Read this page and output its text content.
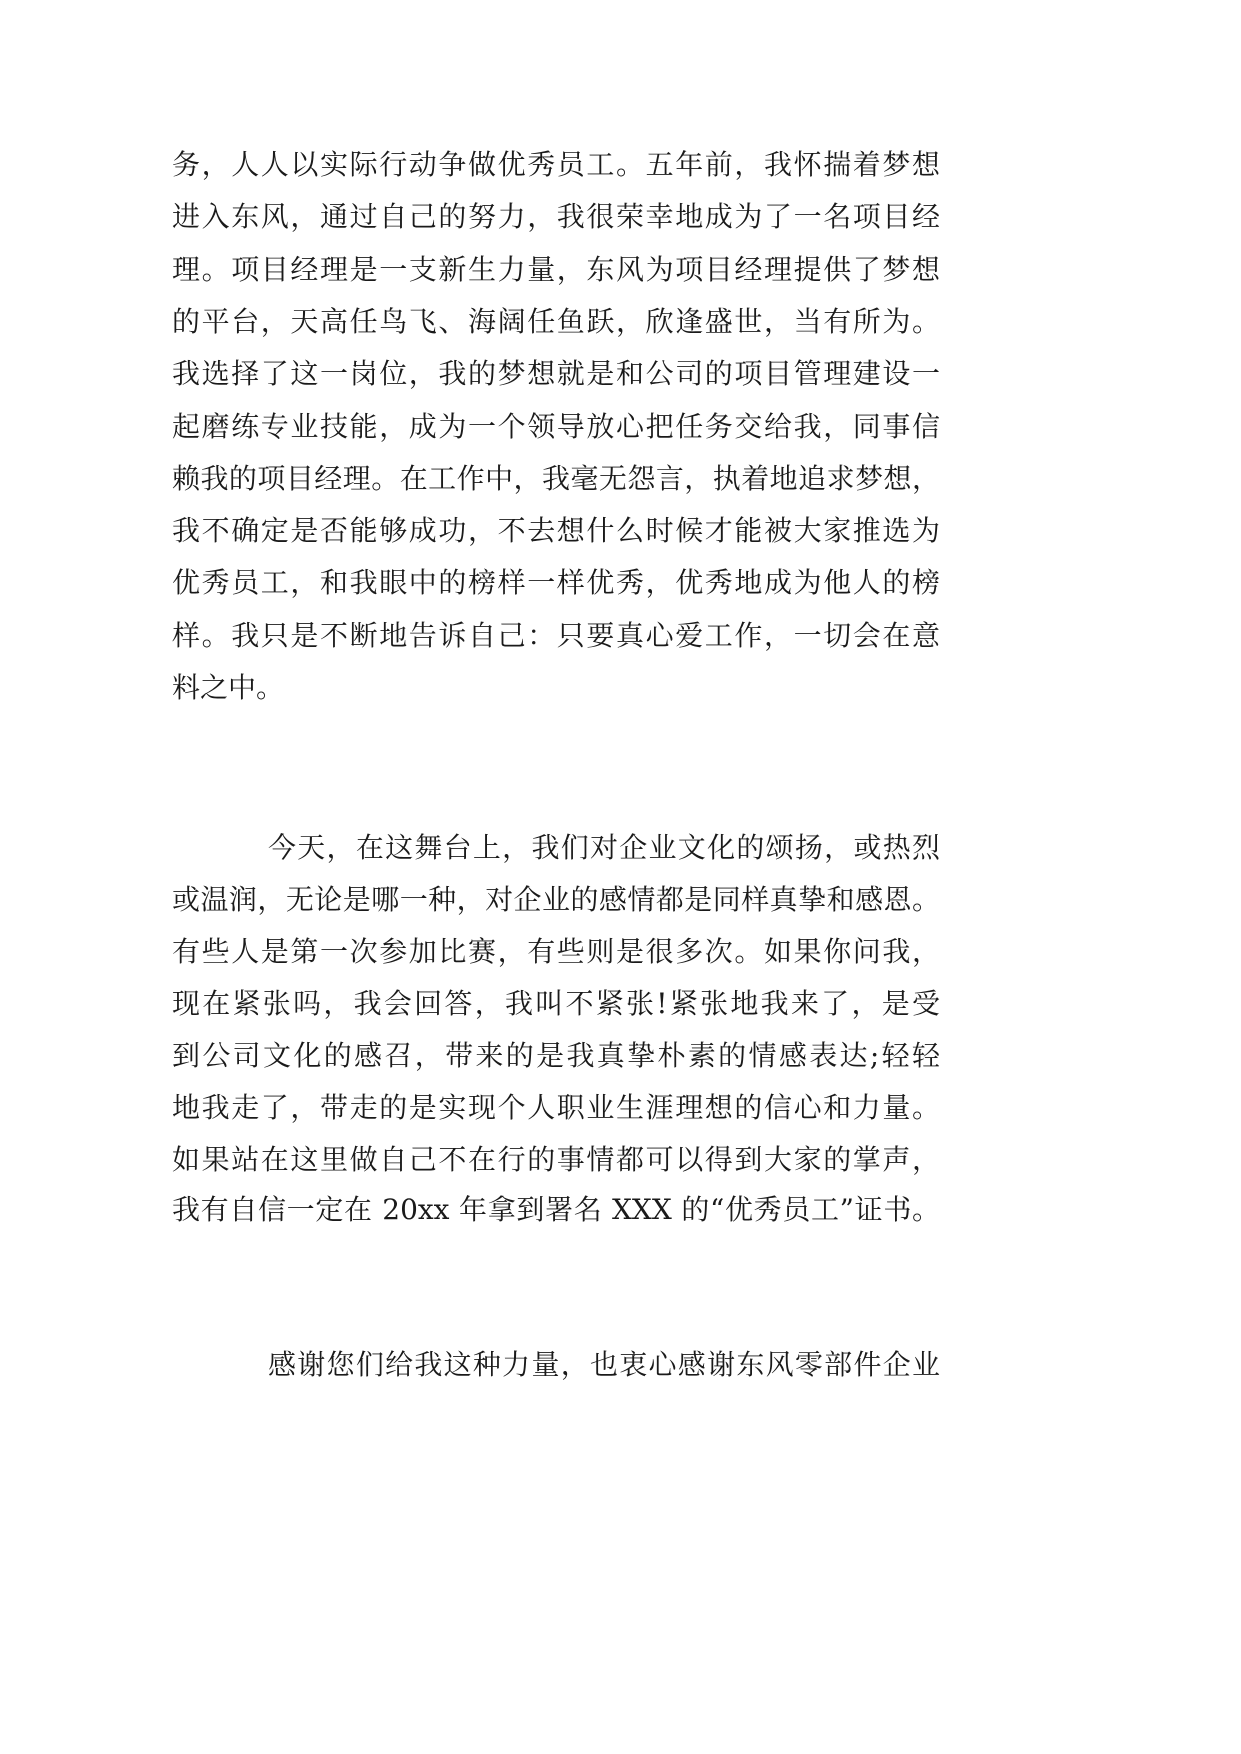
务，人人以实际行动争做优秀员工。五年前，我怀揣着梦想
进入东风，通过自己的努力，我很荣幸地成为了一名项目经
理。项目经理是一支新生力量，东风为项目经理提供了梦想
的平台，天高任鸟飞、海阔任鱼跃，欣逢盛世，当有所为。
我选择了这一岗位，我的梦想就是和公司的项目管理建设一
起磨练专业技能，成为一个领导放心把任务交给我，同事信
赖我的项目经理。在工作中，我毫无怨言，执着地追求梦想，
我不确定是否能够成功，不去想什么时候才能被大家推选为
优秀员工，和我眼中的榜样一样优秀，优秀地成为他人的榜
样。我只是不断地告诉自己：只要真心爱工作，一切会在意
料之中。
今天，在这舞台上，我们对企业文化的颂扬，或热烈
或温润，无论是哪一种，对企业的感情都是同样真挚和感恩。
有些人是第一次参加比赛，有些则是很多次。如果你问我，
现在紧张吗，我会回答，我叫不紧张!紧张地我来了，是受
到公司文化的感召，带来的是我真挚朴素的情感表达;轻轻
地我走了，带走的是实现个人职业生涯理想的信心和力量。
如果站在这里做自己不在行的事情都可以得到大家的掌声，
我有自信一定在 20xx 年拿到署名 XXX 的“优秀员工”证书。
感谢您们给我这种力量，也衷心感谢东风零部件企业
